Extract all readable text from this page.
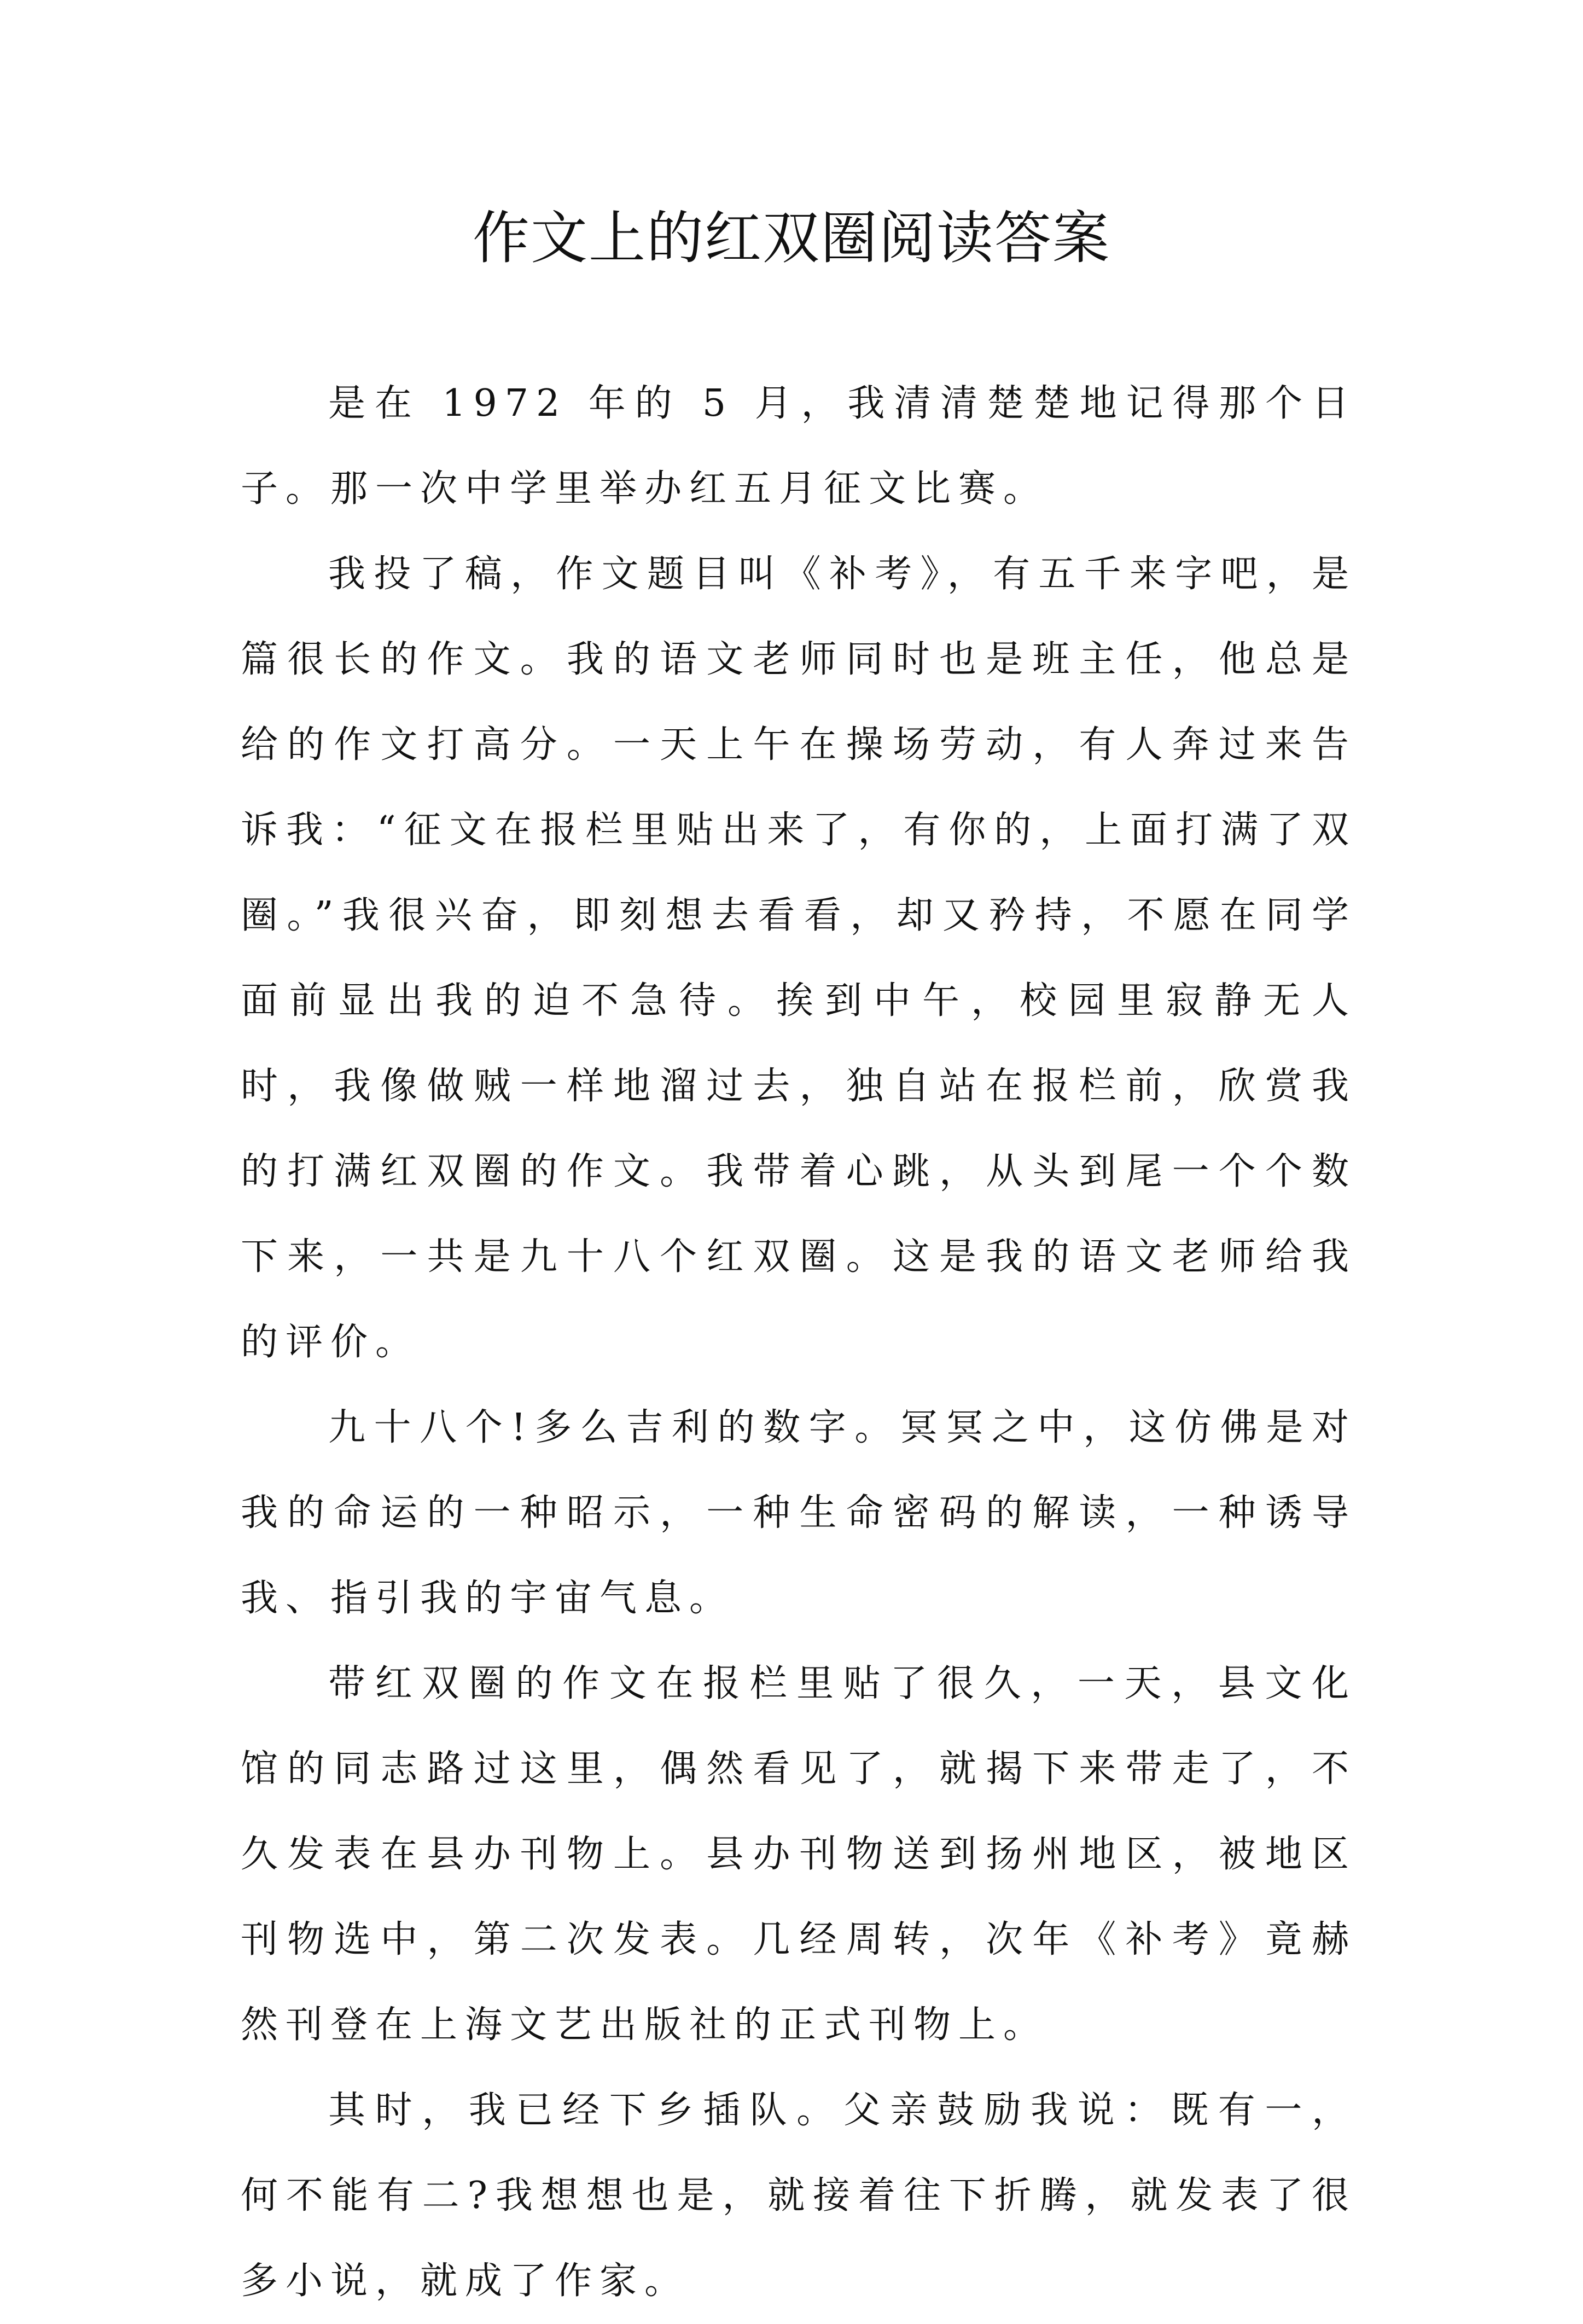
作文上的红双圈阅读答案

是在 1972 年的 5 月，我清清楚楚地记得那个日子。那一次中学里举办红五月征文比赛。

我投了稿，作文题目叫《补考》，有五千来字吧，是篇很长的作文。我的语文老师同时也是班主任，他总是给的作文打高分。一天上午在操场劳动，有人奔过来告诉我：“征文在报栏里贴出来了，有你的，上面打满了双圈。”我很兴奋，即刻想去看看，却又矜持，不愿在同学面前显出我的迫不急待。挨到中午，校园里寂静无人时，我像做贼一样地溜过去，独自站在报栏前，欣赏我的打满红双圈的作文。我带着心跳，从头到尾一个个数下来，一共是九十八个红双圈。这是我的语文老师给我的评价。

九十八个!多么吉利的数字。冥冥之中，这仿佛是对我的命运的一种昭示，一种生命密码的解读，一种诱导我、指引我的宇宙气息。

带红双圈的作文在报栏里贴了很久，一天，县文化馆的同志路过这里，偶然看见了，就揭下来带走了，不久发表在县办刊物上。县办刊物送到扬州地区，被地区刊物选中，第二次发表。几经周转，次年《补考》竟赫然刊登在上海文艺出版社的正式刊物上。

其时，我已经下乡插队。父亲鼓励我说：既有一，何不能有二?我想想也是，就接着往下折腾，就发表了很多小说，就成了作家。
